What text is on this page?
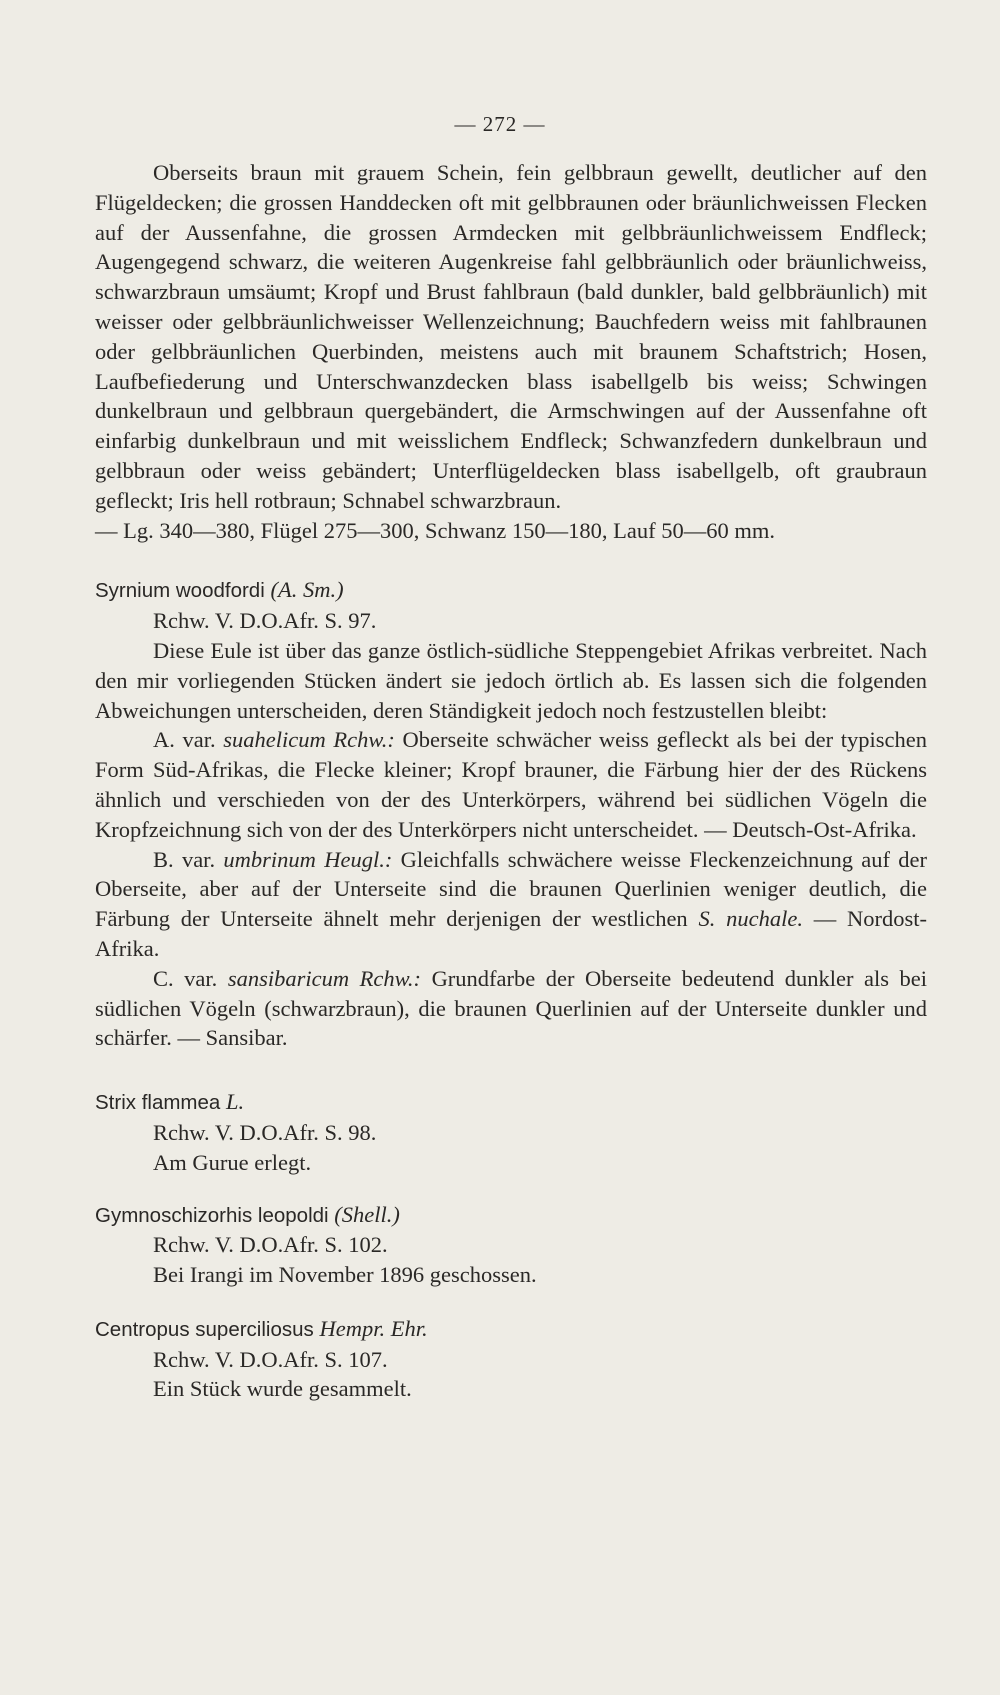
— 272 —

Oberseits braun mit grauem Schein, fein gelbbraun gewellt, deutlicher auf den Flügeldecken; die grossen Handdecken oft mit gelbbraunen oder bräunlichweissen Flecken auf der Aussenfahne, die grossen Armdecken mit gelbbräunlichweissem Endfleck; Augengegend schwarz, die weiteren Augenkreise fahl gelbbräunlich oder bräunlichweiss, schwarzbraun umsäumt; Kropf und Brust fahlbraun (bald dunkler, bald gelbbräunlich) mit weisser oder gelbbräunlichweisser Wellenzeichnung; Bauchfedern weiss mit fahlbraunen oder gelbbräunlichen Querbinden, meistens auch mit braunem Schaftstrich; Hosen, Laufbefiederung und Unterschwanzdecken blass isabellgelb bis weiss; Schwingen dunkelbraun und gelbbraun quergebändert, die Armschwingen auf der Aussenfahne oft einfarbig dunkelbraun und mit weisslichem Endfleck; Schwanzfedern dunkelbraun und gelbbraun oder weiss gebändert; Unterflügeldecken blass isabellgelb, oft graubraun gefleckt; Iris hell rotbraun; Schnabel schwarzbraun.
— Lg. 340—380, Flügel 275—300, Schwanz 150—180, Lauf 50—60 mm.

Syrnium woodfordi (A. Sm.)

Rchw. V. D.O.Afr. S. 97.

Diese Eule ist über das ganze östlich-südliche Steppengebiet Afrikas verbreitet. Nach den mir vorliegenden Stücken ändert sie jedoch örtlich ab. Es lassen sich die folgenden Abweichungen unterscheiden, deren Ständigkeit jedoch noch festzustellen bleibt:

A. var. suahelicum Rchw.: Oberseite schwächer weiss gefleckt als bei der typischen Form Süd-Afrikas, die Flecke kleiner; Kropf brauner, die Färbung hier der des Rückens ähnlich und verschieden von der des Unterkörpers, während bei südlichen Vögeln die Kropfzeichnung sich von der des Unterkörpers nicht unterscheidet. — Deutsch-Ost-Afrika.

B. var. umbrinum Heugl.: Gleichfalls schwächere weisse Fleckenzeichnung auf der Oberseite, aber auf der Unterseite sind die braunen Querlinien weniger deutlich, die Färbung der Unterseite ähnelt mehr derjenigen der westlichen S. nuchale. — Nordost-Afrika.

C. var. sansibaricum Rchw.: Grundfarbe der Oberseite bedeutend dunkler als bei südlichen Vögeln (schwarzbraun), die braunen Querlinien auf der Unterseite dunkler und schärfer. — Sansibar.

Strix flammea L.

Rchw. V. D.O.Afr. S. 98.

Am Gurue erlegt.

Gymnoschizorhis leopoldi (Shell.)

Rchw. V. D.O.Afr. S. 102.

Bei Irangi im November 1896 geschossen.

Centropus superciliosus Hempr. Ehr.

Rchw. V. D.O.Afr. S. 107.

Ein Stück wurde gesammelt.
